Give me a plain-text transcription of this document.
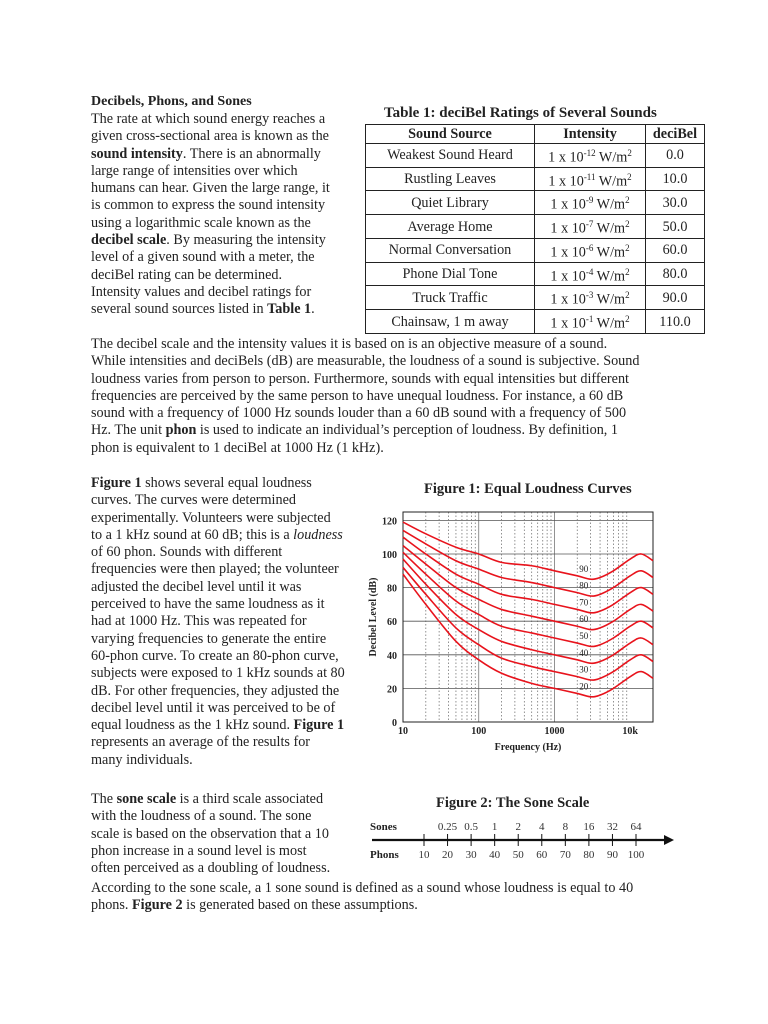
Decibels, Phons, and Sones
The rate at which sound energy reaches a
given cross-sectional area is known as the
sound intensity. There is an abnormally
large range of intensities over which
humans can hear. Given the large range, it
is common to express the sound intensity
using a logarithmic scale known as the
decibel scale. By measuring the intensity
level of a given sound with a meter, the
deciBel rating can be determined.
Intensity values and decibel ratings for
several sound sources listed in Table 1.
Table 1: deciBel Ratings of Several Sounds
Sound Source	Intensity	deciBel
Weakest Sound Heard	1 x $10^{-12}$ $W/m^2$	0.0
Rustling Leaves	1 x $10^{-11}$ $W/m^2$	10.0
Quiet Library	1 x $10^{-9}$ $W/m^2$	30.0
Average Home	1 x $10^{-7}$ $W/m^2$	50.0
Normal Conversation	1 x $10^{-6}$ $W/m^2$	60.0
Phone Dial Tone	1 x $10^{-4}$ $W/m^2$	80.0
Truck Traffic	1 x $10^{-3}$ $W/m^2$	90.0
Chainsaw, 1 m away	1 x $10^{-1}$ $W/m^2$	110.0
The decibel scale and the intensity values it is based on is an objective measure of a sound.
While intensities and deciBels (dB) are measurable, the loudness of a sound is subjective. Sound
loudness varies from person to person. Furthermore, sounds with equal intensities but different
frequencies are perceived by the same person to have unequal loudness. For instance, a 60 dB
sound with a frequency of 1000 Hz sounds louder than a 60 dB sound with a frequency of 500
Hz. The unit phon is used to indicate an individual’s perception of loudness. By definition, 1
phon is equivalent to 1 deciBel at 1000 Hz (1 kHz).
Figure 1 shows several equal loudness
curves. The curves were determined
experimentally. Volunteers were subjected
to a 1 kHz sound at 60 dB; this is a loudness
of 60 phon. Sounds with different
frequencies were then played; the volunteer
adjusted the decibel level until it was
perceived to have the same loudness as it
had at 1000 Hz. This was repeated for
varying frequencies to generate the entire
60-phon curve. To create an 80-phon curve,
subjects were exposed to 1 kHz sounds at 80
dB. For other frequencies, they adjusted the
decibel level until it was perceived to be of
equal loudness as the 1 kHz sound. Figure 1
represents an average of the results for
many individuals.
Figure 1: Equal Loudness Curves
0
20
40
60
80
100
120
10	100	1000	10k
Frequency (Hz)
Decibel Level (dB)
90
80
70
60
50
40
30
20
The sone scale is a third scale associated
with the loudness of a sound. The sone
scale is based on the observation that a 10
phon increase in a sound level is most
often perceived as a doubling of loudness.
Figure 2: The Sone Scale
Sones
Phons 10 20 30 40 50 60 70 80 90 100
0.25 0.5 1 2 4 8 16 32 64
According to the sone scale, a 1 sone sound is defined as a sound whose loudness is equal to 40
phons. Figure 2 is generated based on these assumptions.
